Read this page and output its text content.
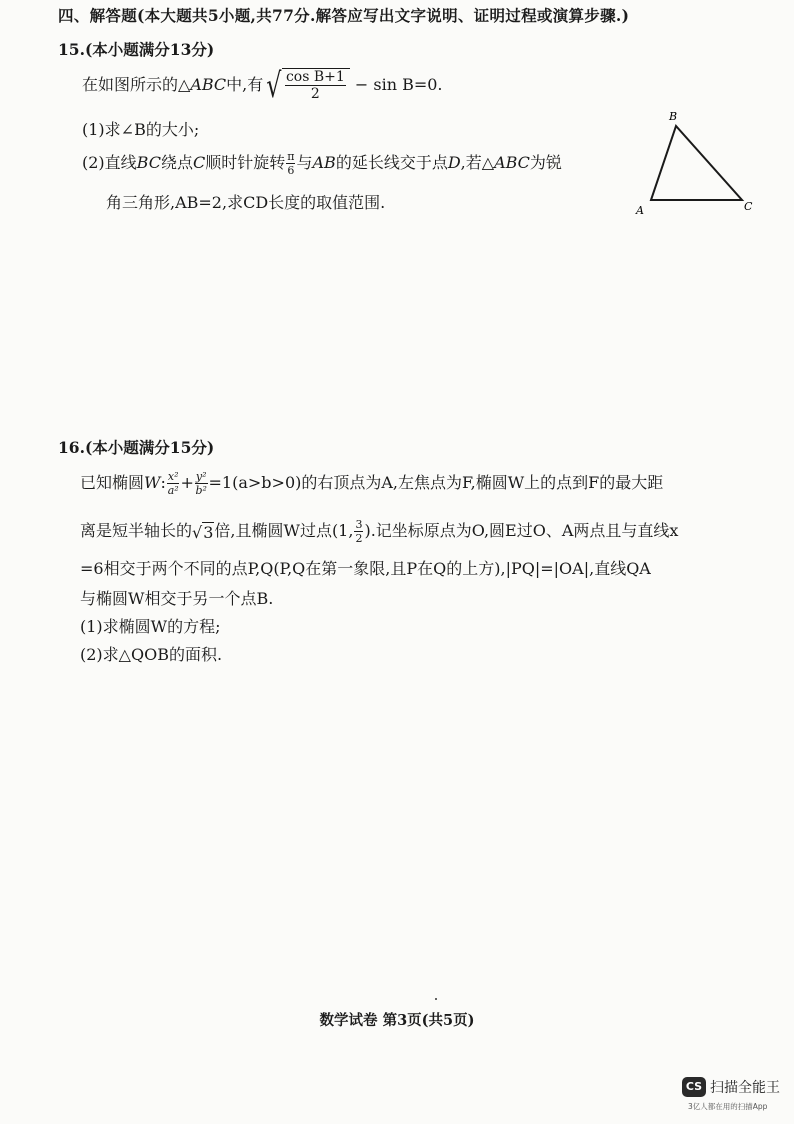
四、解答题(本大题共5小题,共77分.解答应写出文字说明、证明过程或演算步骤.)
15.(本小题满分13分)
在如图所示的△ABC中,有√ $\frac{\text{cos B+1}}{2} - \sin B=0$.
(1)求∠B的大小;
(2)直线BC绕点C顺时针旋转 $\frac{\pi}{6}$ 与AB的延长线交于点D,若△ABC为锐
角三角形,AB=2,求CD长度的取值范围.	A
B
C
16.(本小题满分15分)
已知椭圆W: $\frac{\text{x²}}{\text{a²}} + \frac{\text{y²}}{\text{b²}} =1(a>b>0)$的右顶点为A,左焦点为F,椭圆W上的点到F的最大距
离是短半轴长的√3倍,且椭圆W过点(1, $\frac{3}{2}$ ).记坐标原点为O,圆E过O、A两点且与直线x
=6相交于两个不同的点P,Q(P,Q在第一象限,且P在Q的上方),|PQ|=|OA|,直线QA
与椭圆W相交于另一个点B.
(1)求椭圆W的方程;
(2)求△QOB的面积.
数学试卷 第3页(共5页)
CS 扫描全能王
3亿人都在用的扫描App
